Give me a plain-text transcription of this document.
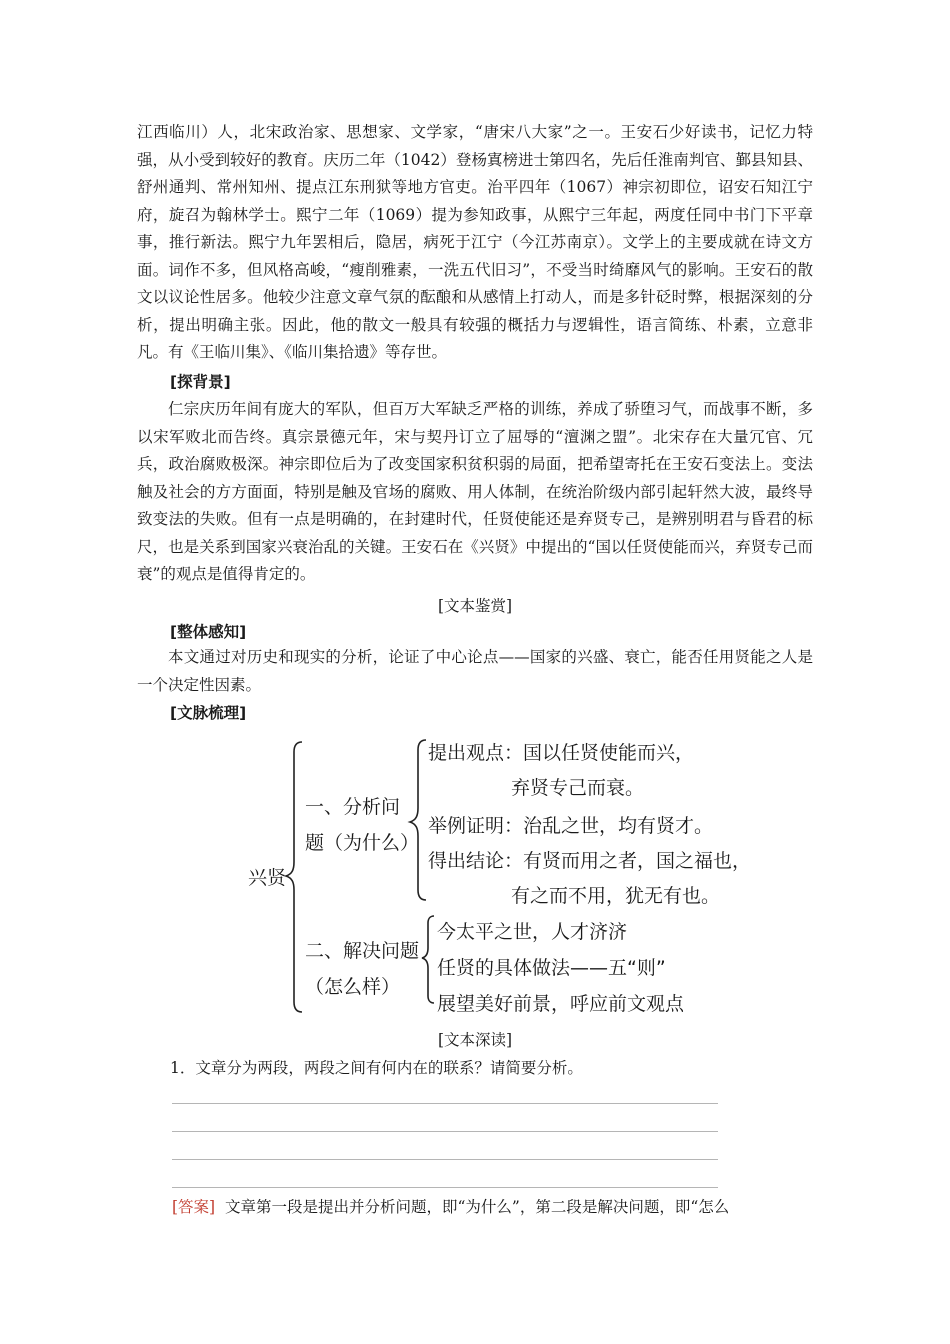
江西临川）人，北宋政治家、思想家、文学家，“唐宋八大家”之一。王安石少好读书，记忆力特强，从小受到较好的教育。庆历二年（1042）登杨寘榜进士第四名，先后任淮南判官、鄞县知县、舒州通判、常州知州、提点江东刑狱等地方官吏。治平四年（1067）神宗初即位，诏安石知江宁府，旋召为翰林学士。熙宁二年（1069）提为参知政事，从熙宁三年起，两度任同中书门下平章事，推行新法。熙宁九年罢相后，隐居，病死于江宁（今江苏南京）。文学上的主要成就在诗文方面。词作不多，但风格高峻，“瘦削雅素，一洗五代旧习”，不受当时绮靡风气的影响。王安石的散文以议论性居多。他较少注意文章气氛的酝酿和从感情上打动人，而是多针砭时弊，根据深刻的分析，提出明确主张。因此，他的散文一般具有较强的概括力与逻辑性，语言简练、朴素，立意非凡。有《王临川集》、《临川集拾遗》等存世。

[探背景]

仁宗庆历年间有庞大的军队，但百万大军缺乏严格的训练，养成了骄堕习气，而战事不断，多以宋军败北而告终。真宗景德元年，宋与契丹订立了屈辱的“澶渊之盟”。北宋存在大量冗官、冗兵，政治腐败极深。神宗即位后为了改变国家积贫积弱的局面，把希望寄托在王安石变法上。变法触及社会的方方面面，特别是触及官场的腐败、用人体制，在统治阶级内部引起轩然大波，最终导致变法的失败。但有一点是明确的，在封建时代，任贤使能还是弃贤专己，是辨别明君与昏君的标尺，也是关系到国家兴衰治乱的关键。王安石在《兴贤》中提出的“国以任贤使能而兴，弃贤专己而衰”的观点是值得肯定的。

[文本鉴赏]
[整体感知]

本文通过对历史和现实的分析，论证了中心论点——国家的兴盛、衰亡，能否任用贤能之人是一个决定性因素。

[文脉梳理]
兴贤
一、分析问
题（为什么）
提出观点：国以任贤使能而兴，
弃贤专己而衰。
举例证明：治乱之世，均有贤才。
得出结论：有贤而用之者，国之福也，
有之而不用，犹无有也。
二、解决问题
（怎么样）
今太平之世，人才济济
任贤的具体做法——五“则”
展望美好前景，呼应前文观点
[文本深读]
1．文章分为两段，两段之间有何内在的联系？请简要分析。
[答案] 文章第一段是提出并分析问题，即“为什么”，第二段是解决问题，即“怎么
